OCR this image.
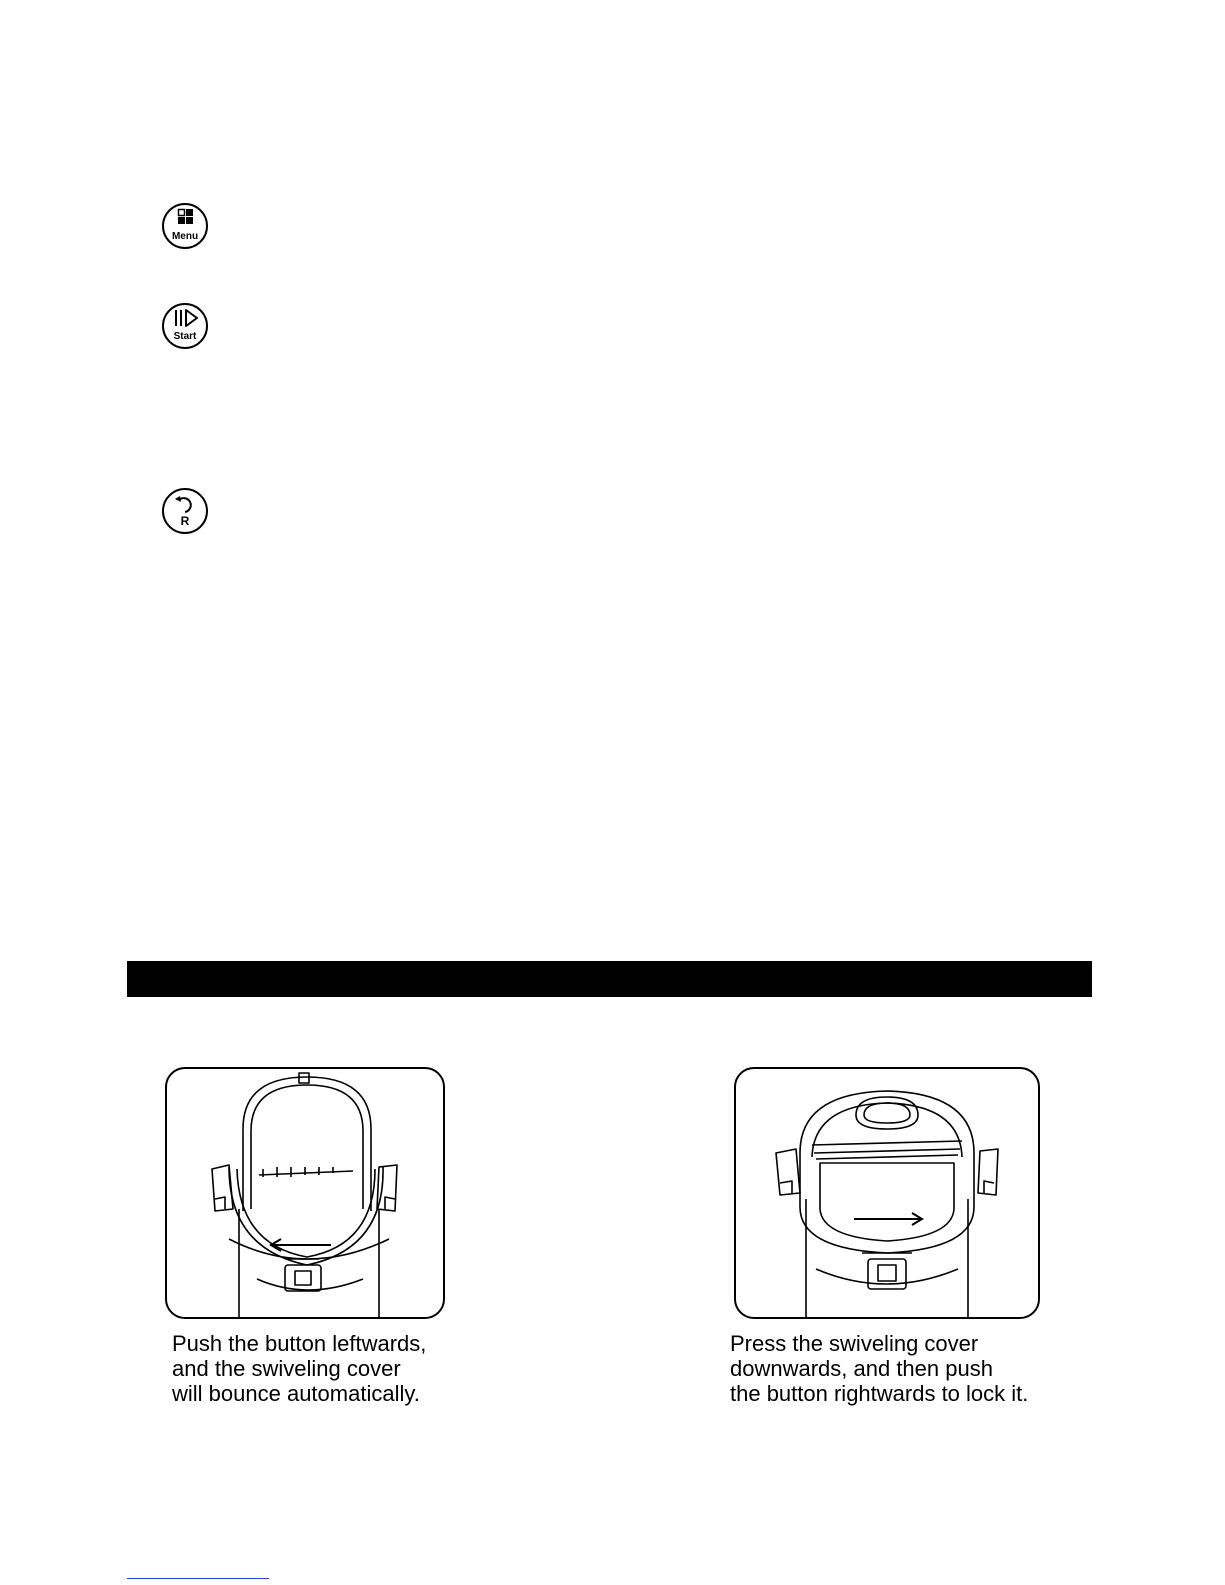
Menu
Start
R
Push the button leftwards,
and the swiveling cover
will bounce automatically.
Press the swiveling cover
downwards, and then push
the button rightwards to lock it.
